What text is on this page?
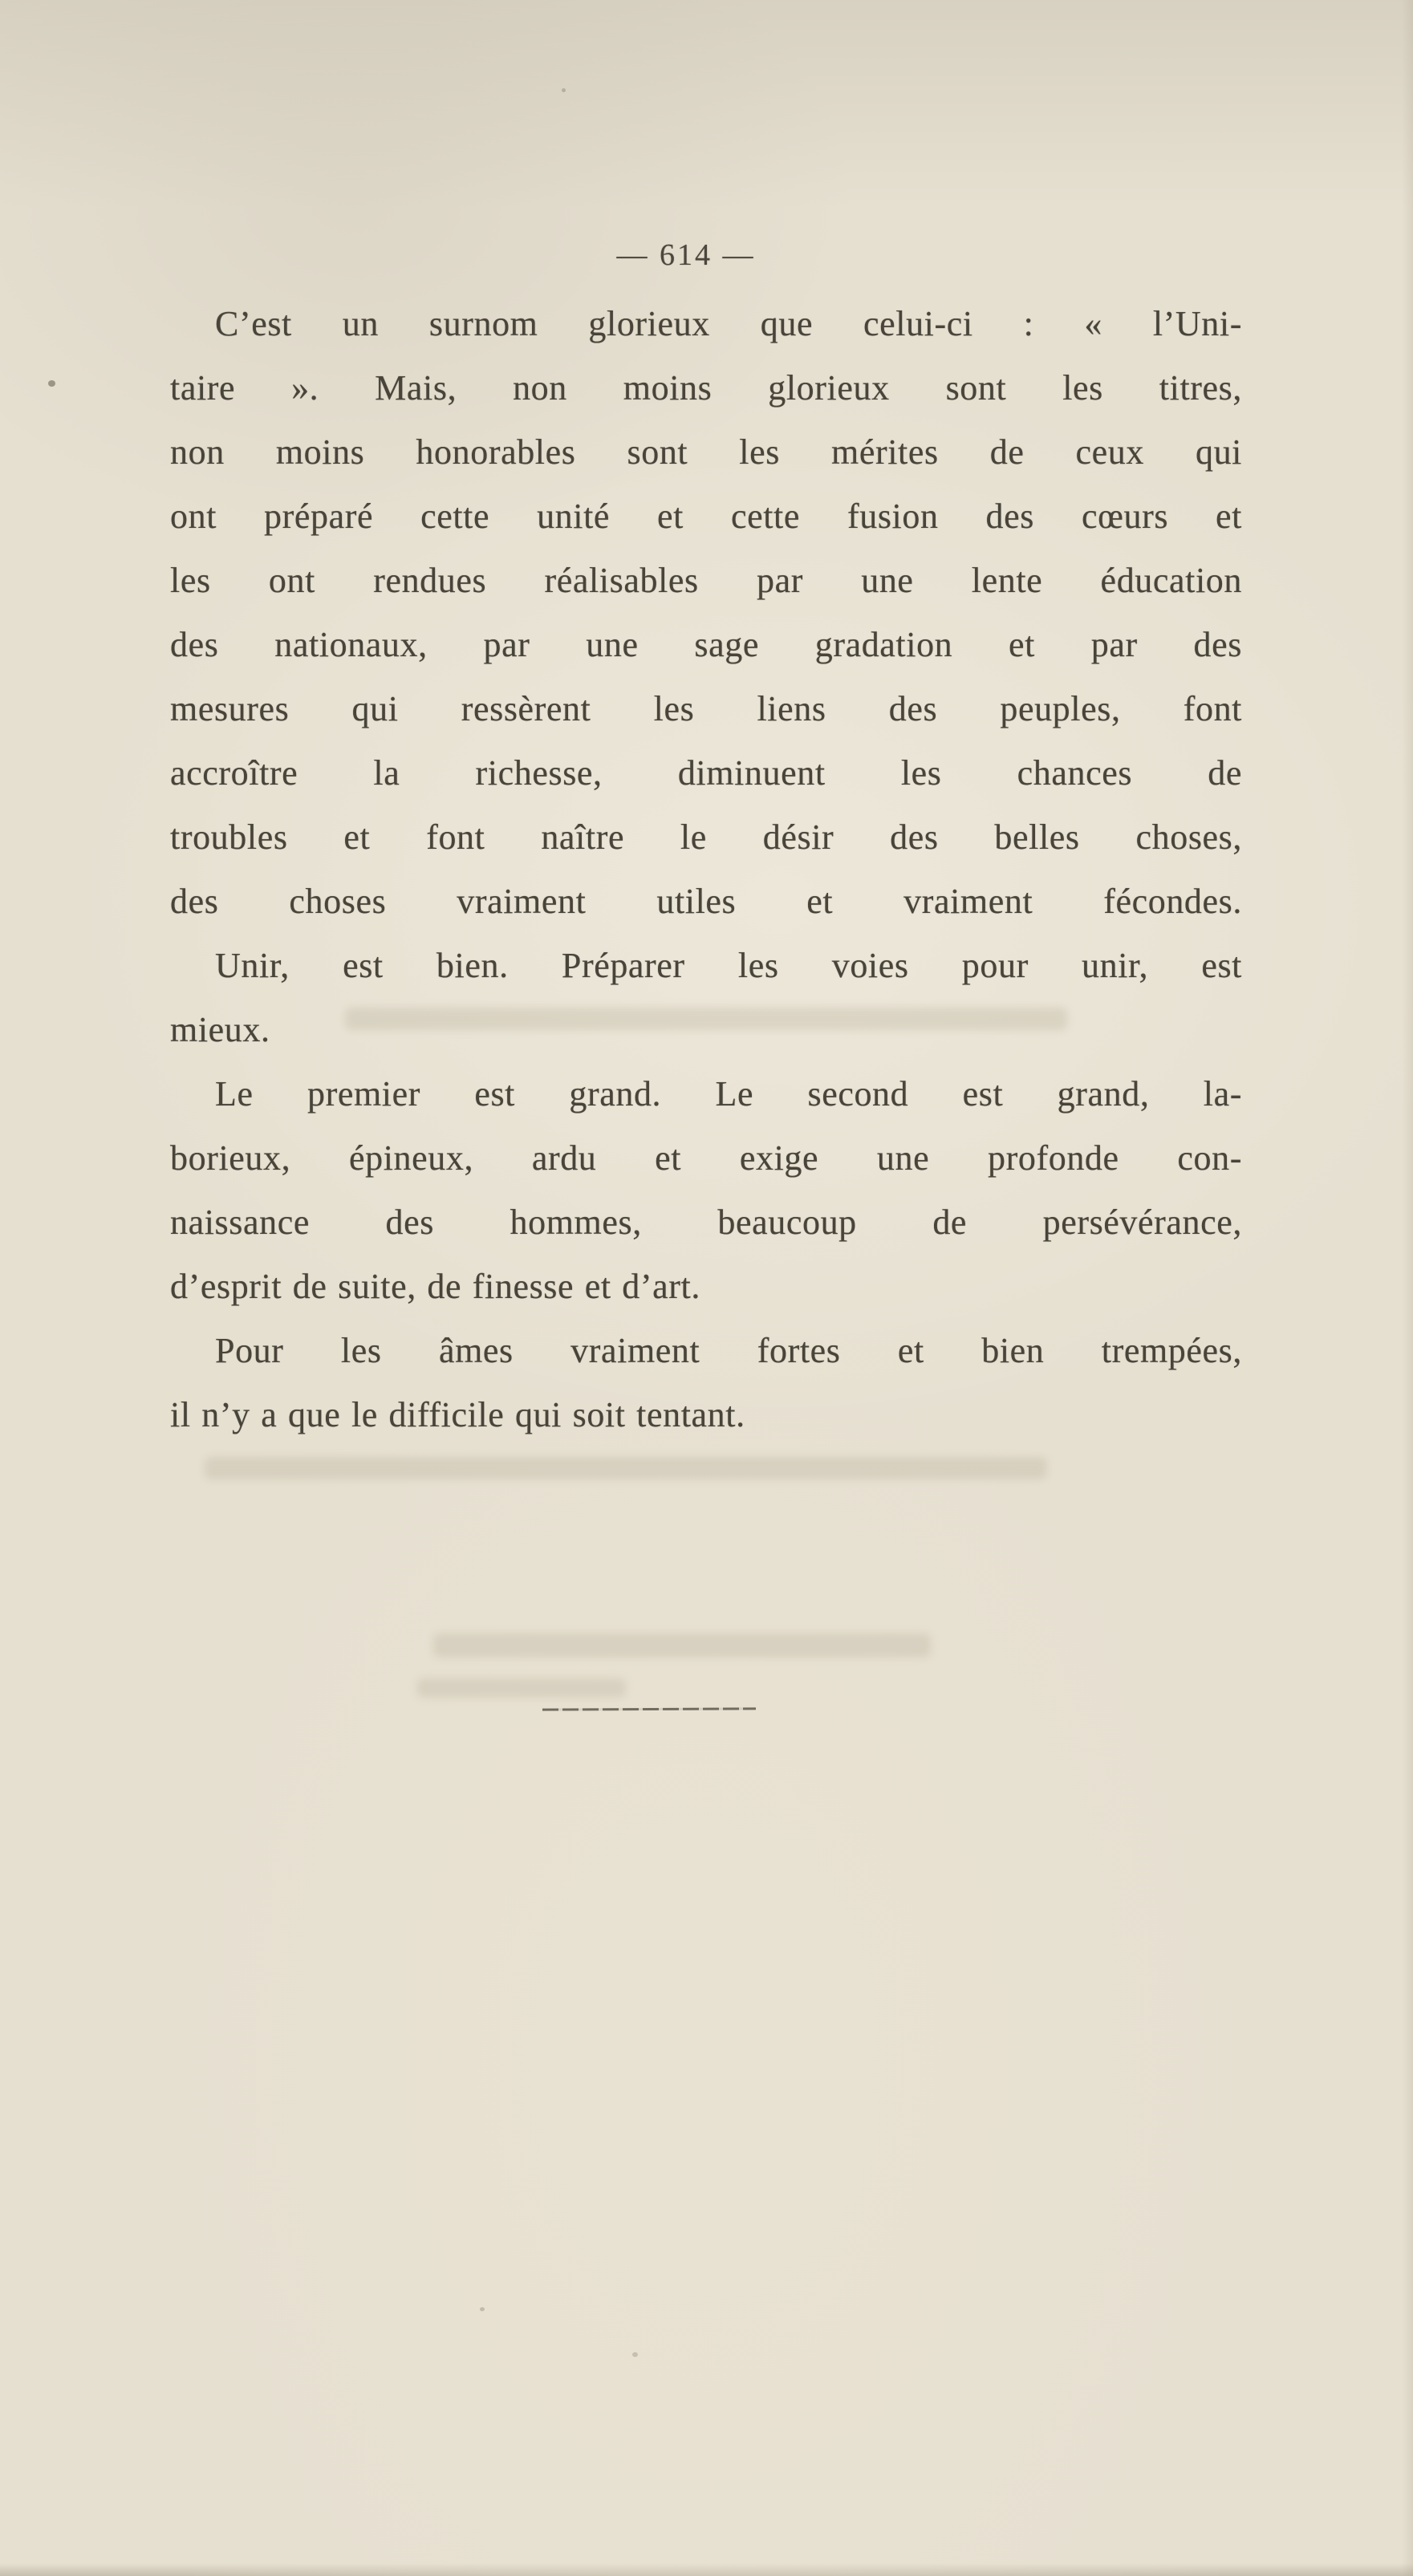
— 614 —
C’est un surnom glorieux que celui-ci : « l’Uni-
taire ». Mais, non moins glorieux sont les titres,
non moins honorables sont les mérites de ceux qui
ont préparé cette unité et cette fusion des cœurs et
les ont rendues réalisables par une lente éducation
des nationaux, par une sage gradation et par des
mesures qui ressèrent les liens des peuples, font
accroître la richesse, diminuent les chances de
troubles et font naître le désir des belles choses,
des choses vraiment utiles et vraiment fécondes.
Unir, est bien. Préparer les voies pour unir, est
mieux.
Le premier est grand. Le second est grand, la-
borieux, épineux, ardu et exige une profonde con-
naissance des hommes, beaucoup de persévérance,
d’esprit de suite, de finesse et d’art.
Pour les âmes vraiment fortes et bien trempées,
il n’y a que le difficile qui soit tentant.
